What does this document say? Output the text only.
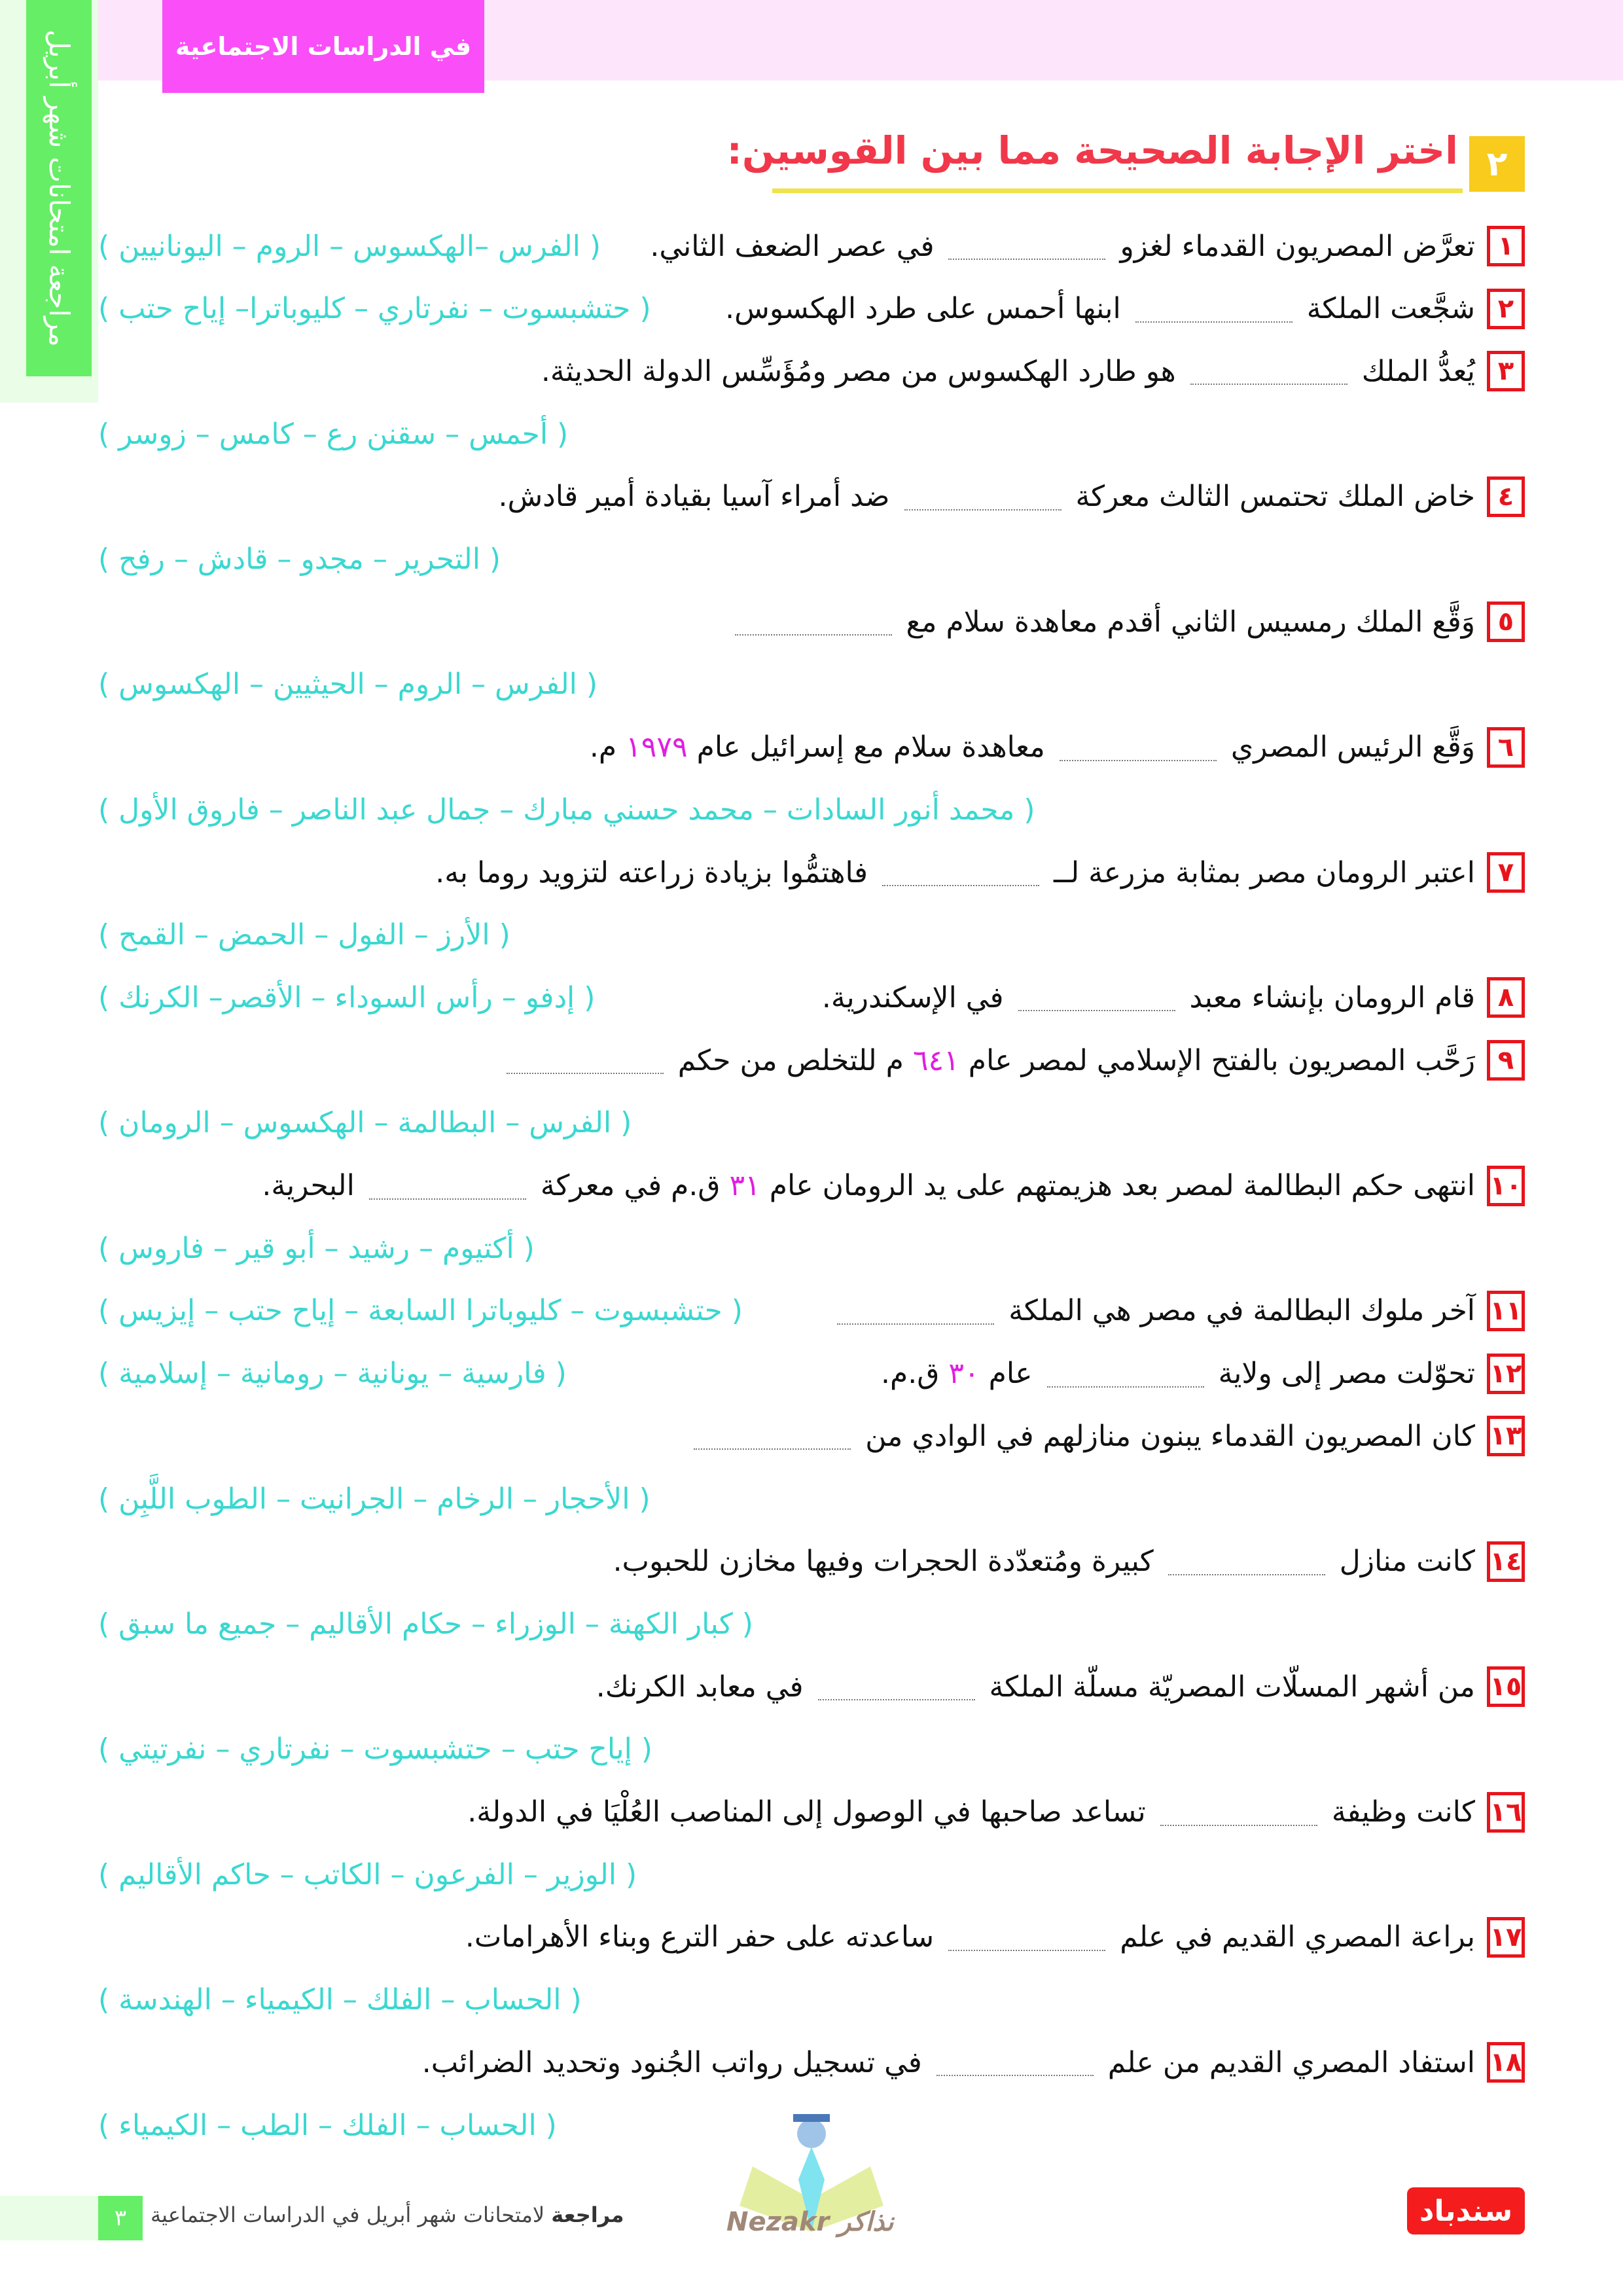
مراجعة امتحانات شهر أبريل	في الدراسات الاجتماعية
٢
اختر الإجابة الصحيحة مما بين القوسين:
١
تعرَّض المصريون القدماء لغزو
في عصر الضعف الثاني.
( الفرس –الهكسوس – الروم – اليونانيين )
٢
شجَّعت الملكة
ابنها أحمس على طرد الهكسوس.
( حتشبسوت – نفرتاري – كليوباترا– إياح حتب )
٣
يُعدُّ الملك
هو طارد الهكسوس من مصر ومُؤَسِّس الدولة الحديثة.
( أحمس – سقنن رع – كامس – زوسر )
٤
خاض الملك تحتمس الثالث معركة
ضد أمراء آسيا بقيادة أمير قادش.
( التحرير – مجدو – قادش – رفح )
٥
وَقَّع الملك رمسيس الثاني أقدم معاهدة سلام مع
( الفرس – الروم – الحيثيين – الهكسوس )
٦
وَقَّع الرئيس المصري
معاهدة سلام مع إسرائيل عام
١٩٧٩
م.
( محمد أنور السادات – محمد حسني مبارك – جمال عبد الناصر – فاروق الأول )
٧
اعتبر الرومان مصر بمثابة مزرعة لــ
فاهتمُّوا بزيادة زراعته لتزويد روما به.
( الأرز – الفول – الحمض – القمح )
٨
قام الرومان بإنشاء معبد
في الإسكندرية.
( إدفو – رأس السوداء – الأقصر– الكرنك )
٩
رَحَّب المصريون بالفتح الإسلامي لمصر عام
٦٤١
م للتخلص من حكم
( الفرس – البطالمة – الهكسوس – الرومان )
١٠
انتهى حكم البطالمة لمصر بعد هزيمتهم على يد الرومان عام
٣١
ق.م في معركة
البحرية.
( أكتيوم – رشيد – أبو قير – فاروس )
١١
آخر ملوك البطالمة في مصر هي الملكة
( حتشبسوت – كليوباترا السابعة – إياح حتب – إيزيس )
١٢
تحوّلت مصر إلى ولاية
عام
٣٠
ق.م.
( فارسية – يونانية – رومانية – إسلامية )
١٣
كان المصريون القدماء يبنون منازلهم في الوادي من
( الأحجار – الرخام – الجرانيت – الطوب اللَّبِن )
١٤
كانت منازل
كبيرة ومُتعدّدة الحجرات وفيها مخازن للحبوب.
( كبار الكهنة – الوزراء – حكام الأقاليم – جميع ما سبق )
١٥
من أشهر المسلّات المصريّة مسلّة الملكة
في معابد الكرنك.
( إياح حتب – حتشبسوت – نفرتاري – نفرتيتي )
١٦
كانت وظيفة
تساعد صاحبها في الوصول إلى المناصب العُلْيَا في الدولة.
( الوزير – الفرعون – الكاتب – حاكم الأقاليم )
١٧
براعة المصري القديم في علم
ساعدته على حفر الترع وبناء الأهرامات.
( الحساب – الفلك – الكيمياء – الهندسة )
١٨
استفاد المصري القديم من علم
في تسجيل رواتب الجُنود وتحديد الضرائب.
( الحساب – الفلك – الطب – الكيمياء )
٣	مراجعة لامتحانات شهر أبريل في الدراسات الاجتماعية	Nezakr نذاكر	سندباد
